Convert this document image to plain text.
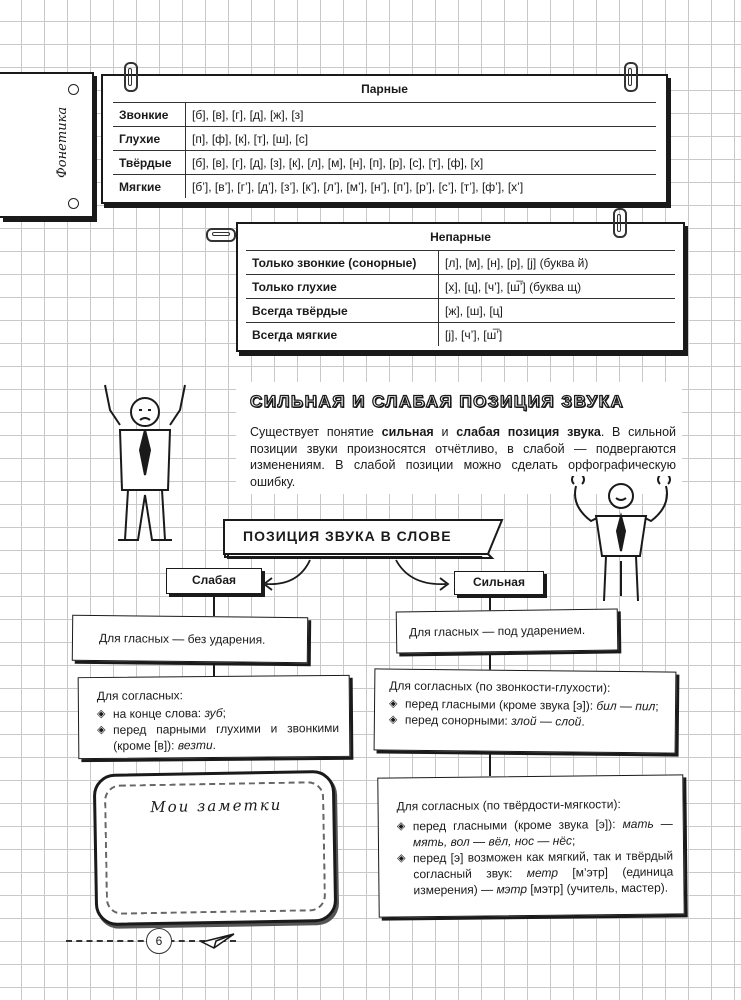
Фонетика
Парные
Звонкие	[б], [в], [г], [д], [ж], [з]
Глухие	[п], [ф], [к], [т], [ш], [с]
Твёрдые	[б], [в], [г], [д], [з], [к], [л], [м], [н], [п], [р], [с], [т], [ф], [х]
Мягкие	[б’], [в’], [г’], [д’], [з’], [к’], [л’], [м’], [н’], [п’], [р’], [с’], [т’], [ф’], [х’]
Непарные
Только звонкие (сонорные)	[л], [м], [н], [р], [j] (буква й)
Только глухие	[х], [ц], [ч’], [ш̅’] (буква щ)
Всегда твёрдые	[ж], [ш], [ц]
Всегда мягкие	[j], [ч’], [ш̅’]
СИЛЬНАЯ И СЛАБАЯ ПОЗИЦИЯ ЗВУКА
Существует понятие сильная и слабая позиция звука. В сильной позиции звуки произносятся отчётливо, в слабой — подвергаются изменениям. В слабой позиции можно сделать орфографическую ошибку.
ПОЗИЦИЯ ЗВУКА В СЛОВЕ
Слабая	Сильная
Для гласных — без ударения.	Для гласных — под ударением.
Для согласных:
◈ на конце слова: зуб;
◈ перед парными глухими и звонкими (кроме [в]): везти.
Для согласных (по звонкости-глухости):
◈ перед гласными (кроме звука [э]): бил — пил;
◈ перед сонорными: злой — слой.
Для согласных (по твёрдости-мягкости):
◈ перед гласными (кроме звука [э]): мать — мять, вол — вёл, нос — нёс;
◈ перед [э] возможен как мягкий, так и твёрдый согласный звук: метр [м’этр] (единица измерения) — мэтр [мэтр] (учитель, мастер).
Мои заметки
6
